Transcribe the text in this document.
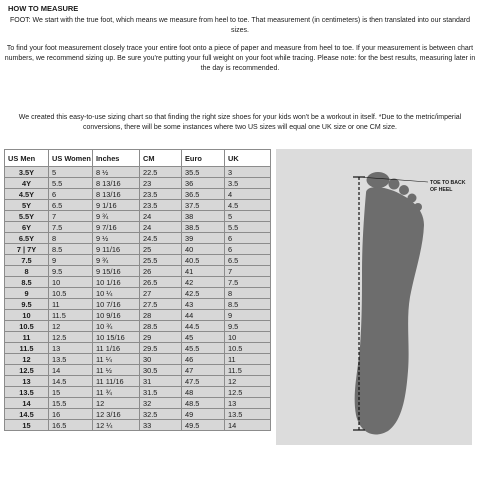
HOW TO MEASURE
FOOT: We start with the true foot, which means we measure from heel to toe. That measurement (in centimeters) is then translated into our standard sizes.
To find your foot measurement closely trace your entire foot onto a piece of paper and measure from heel to toe. If your measurement is between chart numbers, we recommend sizing up. Be sure you're putting your full weight on your foot while tracing. Please note: for the best results, measuring later in the day is recommended.
We created this easy-to-use sizing chart so that finding the right size shoes for your kids won't be a workout in itself. *Due to the metric/imperial conversions, there will be some instances where two US sizes will equal one UK size or one CM size.
US Men	US Women	Inches	CM	Euro	UK
3.5Y	5	8 ½	22.5	35.5	3
4Y	5.5	8 13/16	23	36	3.5
4.5Y	6	8 13/16	23.5	36.5	4
5Y	6.5	9 1/16	23.5	37.5	4.5
5.5Y	7	9 ¾	24	38	5
6Y	7.5	9 7/16	24	38.5	5.5
6.5Y	8	9 ½	24.5	39	6
7 | 7Y	8.5	9 11/16	25	40	6
7.5	9	9 ¾	25.5	40.5	6.5
8	9.5	9 15/16	26	41	7
8.5	10	10 1/16	26.5	42	7.5
9	10.5	10 ¼	27	42.5	8
9.5	11	10 7/16	27.5	43	8.5
10	11.5	10 9/16	28	44	9
10.5	12	10 ¾	28.5	44.5	9.5
11	12.5	10 15/16	29	45	10
11.5	13	11 1/16	29.5	45.5	10.5
12	13.5	11 ¼	30	46	11
12.5	14	11 ½	30.5	47	11.5
13	14.5	11 11/16	31	47.5	12
13.5	15	11 ¾	31.5	48	12.5
14	15.5	12	32	48.5	13
14.5	16	12 3/16	32.5	49	13.5
15	16.5	12 ¼	33	49.5	14
TOE TO BACK OF HEEL
